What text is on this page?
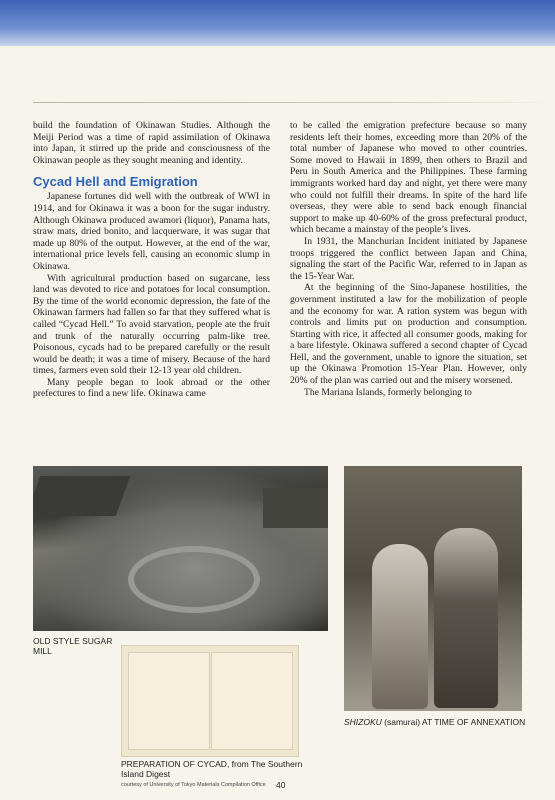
build the foundation of Okinawan Studies. Although the Meiji Period was a time of rapid assimilation of Okinawa into Japan, it stirred up the pride and consciousness of the Okinawan people as they sought meaning and identity.

Cycad Hell and Emigration

Japanese fortunes did well with the outbreak of WWI in 1914, and for Okinawa it was a boon for the sugar industry. Although Okinawa produced awamori (liquor), Panama hats, straw mats, dried bonito, and lacquerware, it was sugar that made up 80% of the output. However, at the end of the war, international price levels fell, causing an economic slump in Okinawa.

With agricultural production based on sugarcane, less land was devoted to rice and potatoes for local consumption. By the time of the world economic depression, the fate of the Okinawan farmers had fallen so far that they suffered what is called “Cycad Hell.” To avoid starvation, people ate the fruit and trunk of the naturally occurring palm-like tree. Poisonous, cycads had to be prepared carefully or the result would be death; it was a time of misery. Because of the hard times, farmers even sold their 12-13 year old children.

Many people began to look abroad or the other prefectures to find a new life. Okinawa came

to be called the emigration prefecture because so many residents left their homes, exceeding more than 20% of the total number of Japanese who moved to other countries. Some moved to Hawaii in 1899, then others to Brazil and Peru in South America and the Philippines. These farming immigrants worked hard day and night, yet there were many who could not fulfill their dreams. In spite of the hard life overseas, they were able to send back enough financial support to make up 40-60% of the gross prefectural product, which became a mainstay of the people’s lives.

In 1931, the Manchurian Incident initiated by Japanese troops triggered the conflict between Japan and China, signaling the start of the Pacific War, referred to in Japan as the 15-Year War.

At the beginning of the Sino-Japanese hostilities, the government instituted a law for the mobilization of people and the economy for war. A ration system was begun with controls and limits put on production and consumption. Starting with rice, it affected all consumer goods, making for a bare lifestyle. Okinawa suffered a second chapter of Cycad Hell, and the government, unable to ignore the situation, set up the Okinawa Promotion 15-Year Plan. However, only 20% of the plan was carried out and the misery worsened.

The Mariana Islands, formerly belonging to

OLD STYLE SUGAR MILL
SHIZOKU (samurai) AT TIME OF ANNEXATION
PREPARATION OF CYCAD, from The Southern Island Digest
courtesy of University of Tokyo Materials Compilation Office 40
